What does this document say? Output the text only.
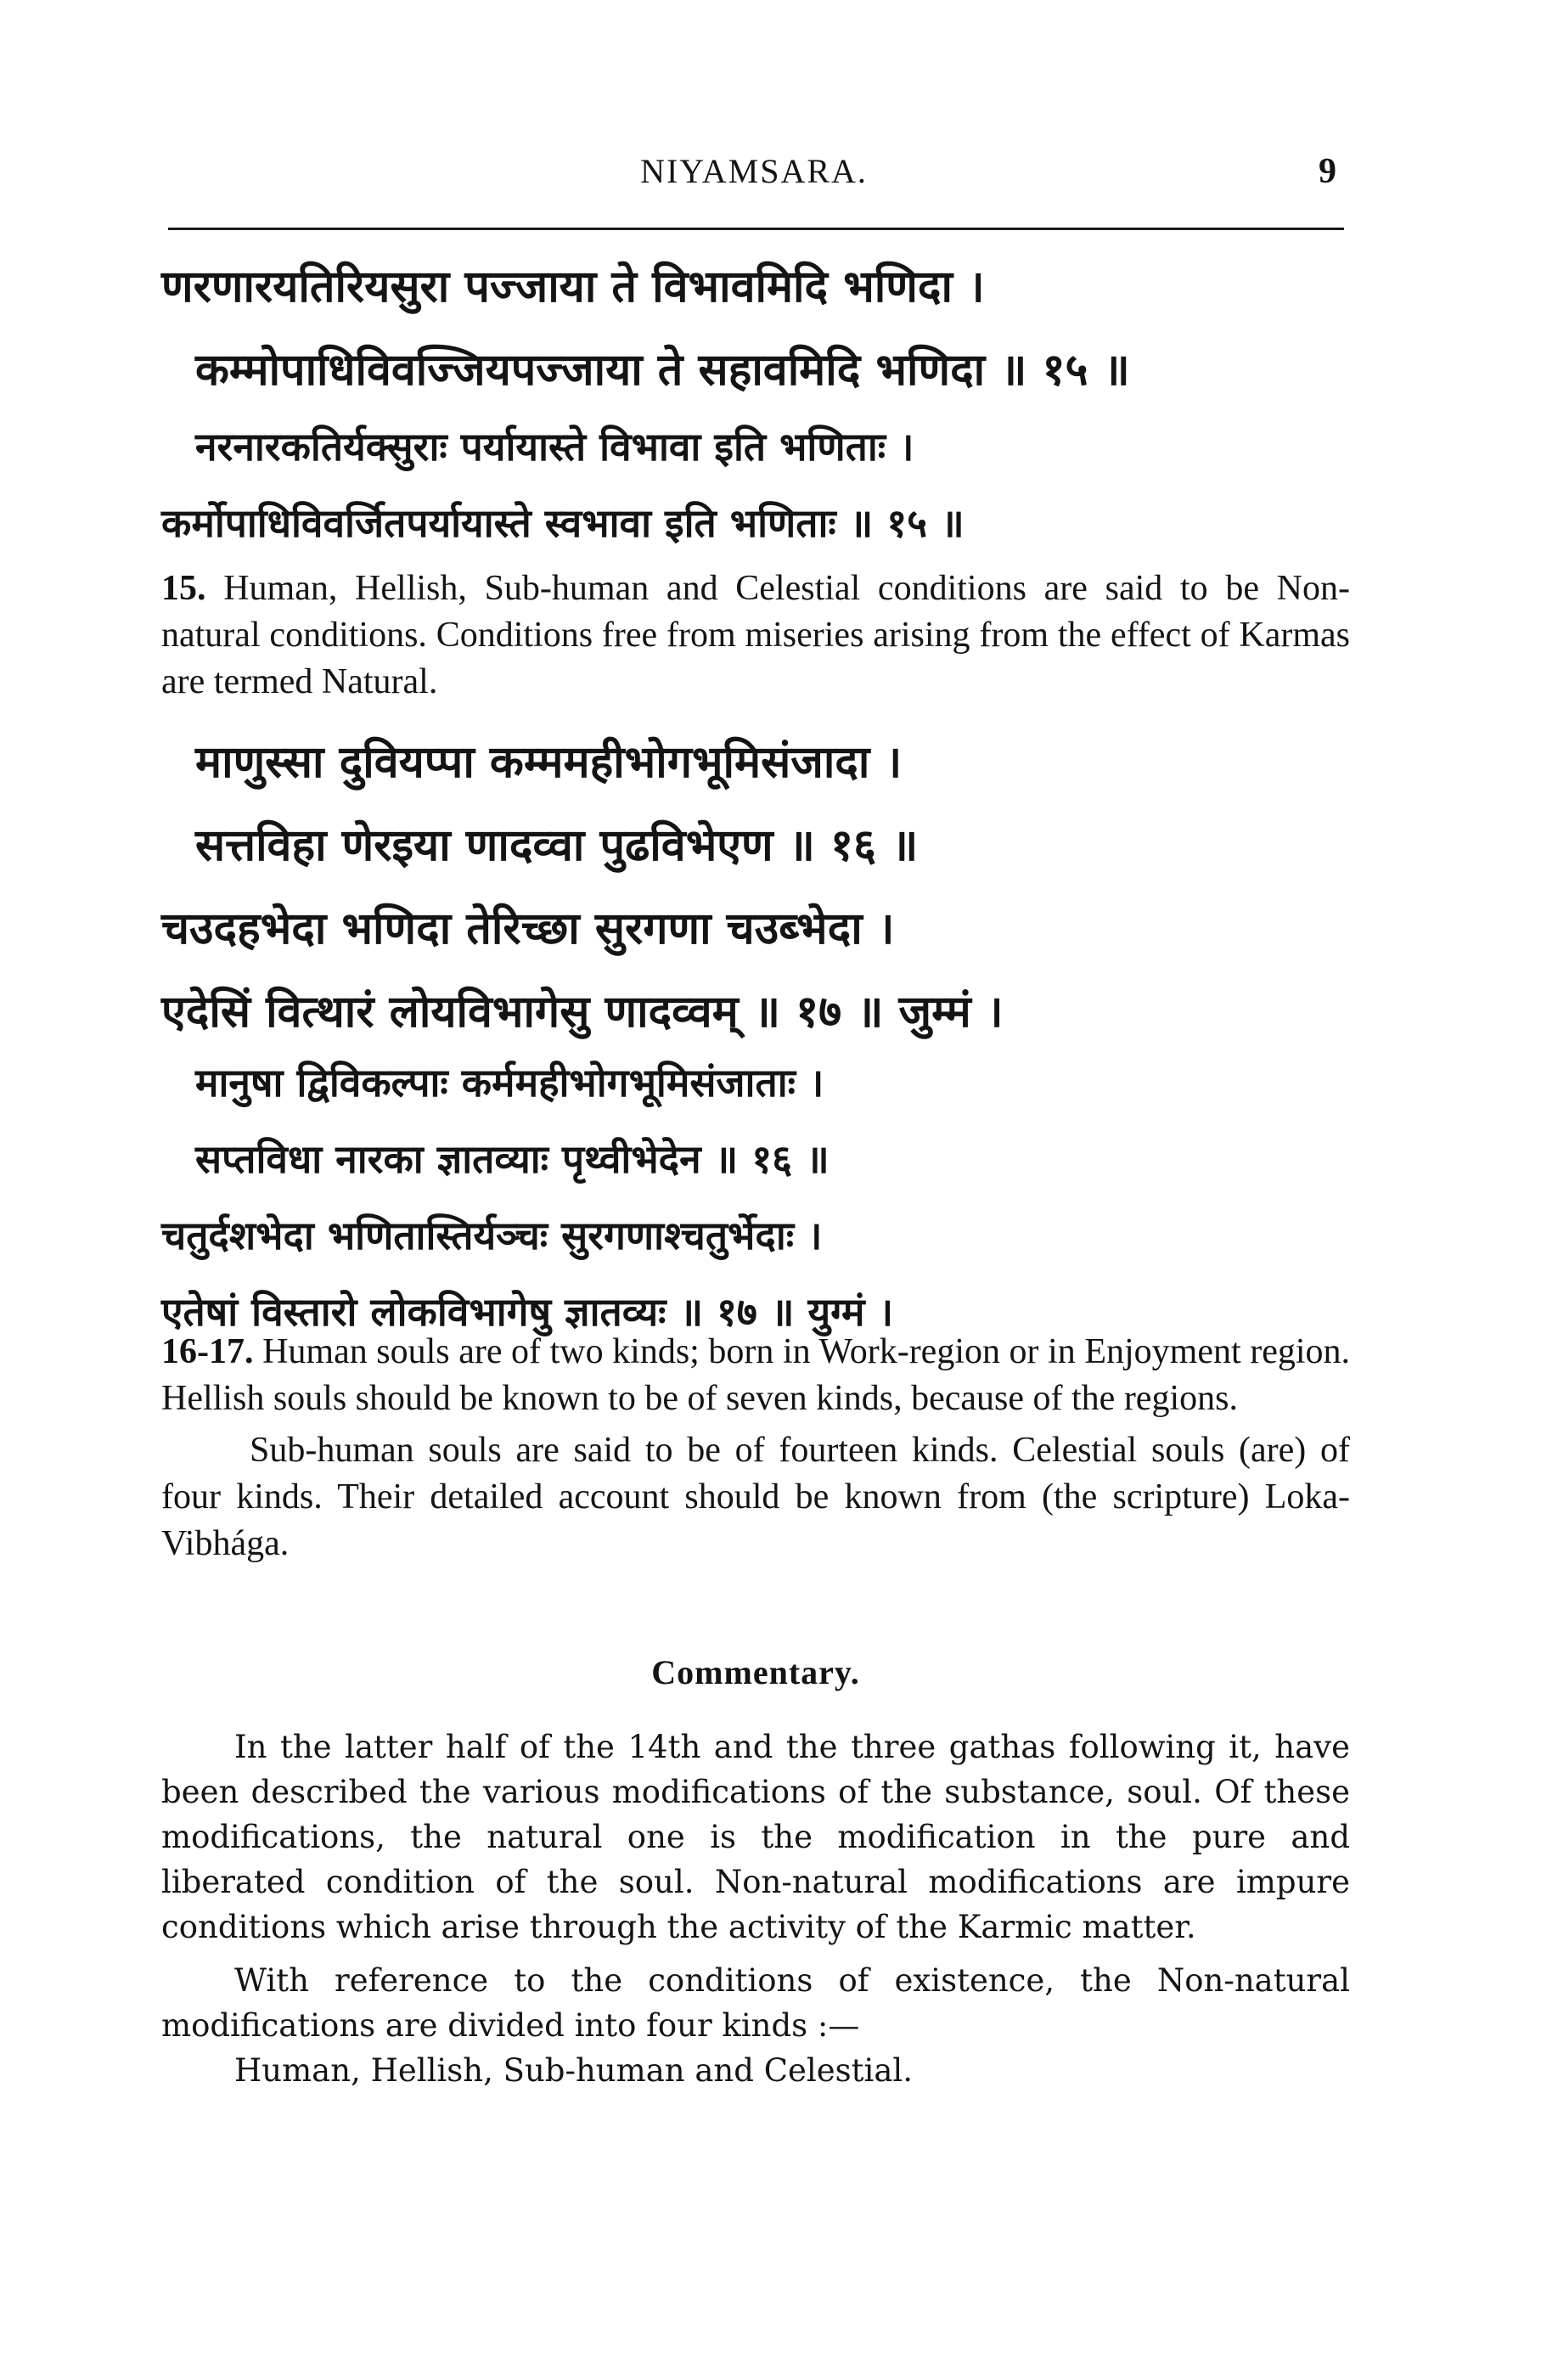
NIYAMSARA.	9
णरणारयतिरियसुरा पज्जाया ते विभावमिदि भणिदा ।
कम्मोपाधिविवज्जियपज्जाया ते सहावमिदि भणिदा ॥ १५ ॥
नरनारकतिर्यक्सुराः पर्यायास्ते विभावा इति भणिताः ।
कर्मोपाधिविवर्जितपर्यायास्ते स्वभावा इति भणिताः ॥ १५ ॥

15. Human, Hellish, Sub-human and Celestial conditions are said to be Non-natural conditions. Conditions free from miseries arising from the effect of Karmas are termed Natural.

माणुस्सा दुवियप्पा कम्ममहीभोगभूमिसंजादा ।
सत्तविहा णेरइया णादव्वा पुढविभेएण ॥ १६ ॥
चउदहभेदा भणिदा तेरिच्छा सुरगणा चउब्भेदा ।
एदेसिं वित्थारं लोयविभागेसु णादव्वम् ॥ १७ ॥ जुम्मं ।
मानुषा द्विविकल्पाः कर्ममहीभोगभूमिसंजाताः ।
सप्तविधा नारका ज्ञातव्याः पृथ्वीभेदेन ॥ १६ ॥
चतुर्दशभेदा भणितास्तिर्यञ्चः सुरगणाश्चतुर्भेदाः ।
एतेषां विस्तारो लोकविभागेषु ज्ञातव्यः ॥ १७ ॥ युग्मं ।

16-17. Human souls are of two kinds; born in Work-region or in Enjoyment region. Hellish souls should be known to be of seven kinds, because of the regions.

Sub-human souls are said to be of fourteen kinds. Celestial souls (are) of four kinds. Their detailed account should be known from (the scripture) Loka-Vibhága.

Commentary.

In the latter half of the 14th and the three gathas following it, have been described the various modifications of the substance, soul. Of these modifications, the natural one is the modification in the pure and liberated condition of the soul. Non-natural modifications are impure conditions which arise through the activity of the Karmic matter.

With reference to the conditions of existence, the Non-natural modifications are divided into four kinds :—

Human, Hellish, Sub-human and Celestial.
